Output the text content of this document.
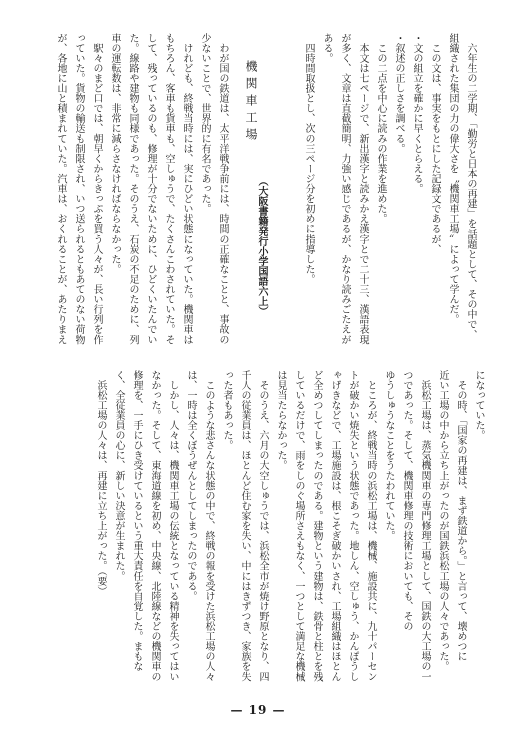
　六年生の二学期、「勤労と日本の再建」を話題として、その中で、
組織された集団の力の偉大さを〝機関車工場〟によって学んだ。
　この文は、事実をもとにした記録文であるが、
・文の組立を確かに早くとらえる。
・叙述の正しさを調べる。
　この二点を中心に読みの作業を進めた。
　本文は七ページで、新出漢字と読みかえ漢字とで二十三、漢語表現
が多く、文章は直截簡明、力強い感じであるが、かなり読みごたえが
ある。
　四時間取扱とし、次の三ページ分を初めに指導した。
機関車工場
（大阪書籍発行小学国語六上）
　わが国の鉄道は、太平洋戦争前には、時間の正確なことと、事故の
少ないことで、世界的に有名であった。
　けれども、終戦当時には、実にひどい状態になっていた。機関車は
もちろん、客車も貨車も、空しゅうで、たくさんこわされていた。そ
して、残っているのも、修理が十分でないために、ひどくいたんでい
た。線路や建物も同様であった。そのうえ、石炭の不足のために、列
車の運転数は、非常に減らさなければならなかった。
　駅々のまど口では、朝早くからきっぷを買う人々が、長い行列を作
っていた。貨物の輸送も制限され、いつ送られるともあてのない荷物
が、各地に山と積まれていた。汽車は、おくれることが、あたりまえ
になっていた。
　その時、「国家の再建は、まず鉄道から。」と言って、壊めつに
近い工場の中から立ち上がったのが国鉄浜松工場の人々であった。
　浜松工場は、蒸気機関車の専門修理工場として、国鉄の大工場の一
つであった。そして、機関車修理の技術においても、その
ゆうしゅうなことをうたわれていた。
　ところが、終戦当時の浜松工場は、機械、施設共に、九十パーセン
トが破かい焼失という状態であった。地しん、空しゅう、かんぽうし
ゃげきなどで、工場施設は、根こそぎ破かいされ、工場組織はほとん
ど全めつしてしまったのである。建物という建物は、鉄骨と柱とを残
しているだけで、雨をしのぐ場所さえもなく、一つとして満足な機械
は見当たらなかった。
　そのうえ、六月の大空しゅうでは、浜松全市が焼け野原となり、四
千人の従業員は、ほとんど住む家を失い、中にはきずつき、家族を失
った者もあった。
　このような悲さんな状態の中で、終戦の報を受けた浜松工場の人々
は、一時は全くぼうぜんとしてしまったのである。
　しかし、人々は、機関車工場の伝統となっている精神を失ってはい
なかった。そして、東海道線を初め、中央線、北陸線などの機関車の
修理を、一手にひき受けているという重大責任を自覚した。まもな
く、全従業員の心に、新しい決意が生まれた。
　浜松工場の人々は、再建に立ち上がった。（要）
— 19 —
